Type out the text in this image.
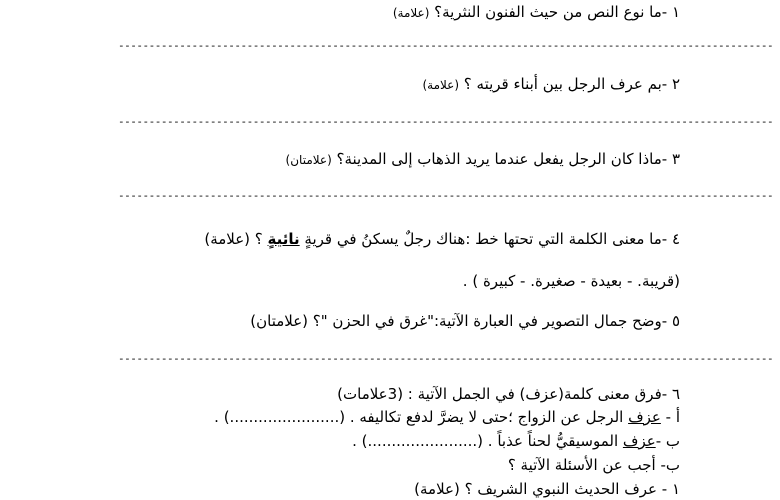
١ -ما نوع النص من حيث الفنون النثرية؟ (علامة)
-----------------------------------------------------------------------------------------------------------
٢ -بم عرف الرجل بين أبناء قريته ؟ (علامة)
-----------------------------------------------------------------------------------------------------------
٣ -ماذا كان الرجل يفعل عندما يريد الذهاب إلى المدينة؟ (علامتان)
-----------------------------------------------------------------------------------------------------------
٤ -ما معنى الكلمة التي تحتها خط :هناك رجلٌ يسكنُ في قريةٍ نائيةٍ ؟ (علامة)
(قريبة. - بعيدة - صغيرة. - كبيرة ) .
٥ -وضح جمال التصوير في العبارة الآتية:"غرق في الحزن "؟ (علامتان)
-----------------------------------------------------------------------------------------------------------
٦ -فرق معنى كلمة(عزف) في الجمل الآتية : (3علامات)
أ - عزف الرجل عن الزواج ؛حتى لا يضرَّ لدفع تكاليفه . (.......................) .
ب -عزف الموسيقيُّ لحناً عذباً . (.......................) .
ب- أجب عن الأسئلة الآتية ؟
١ - عرف الحديث النبوي الشريف ؟ (علامة)
